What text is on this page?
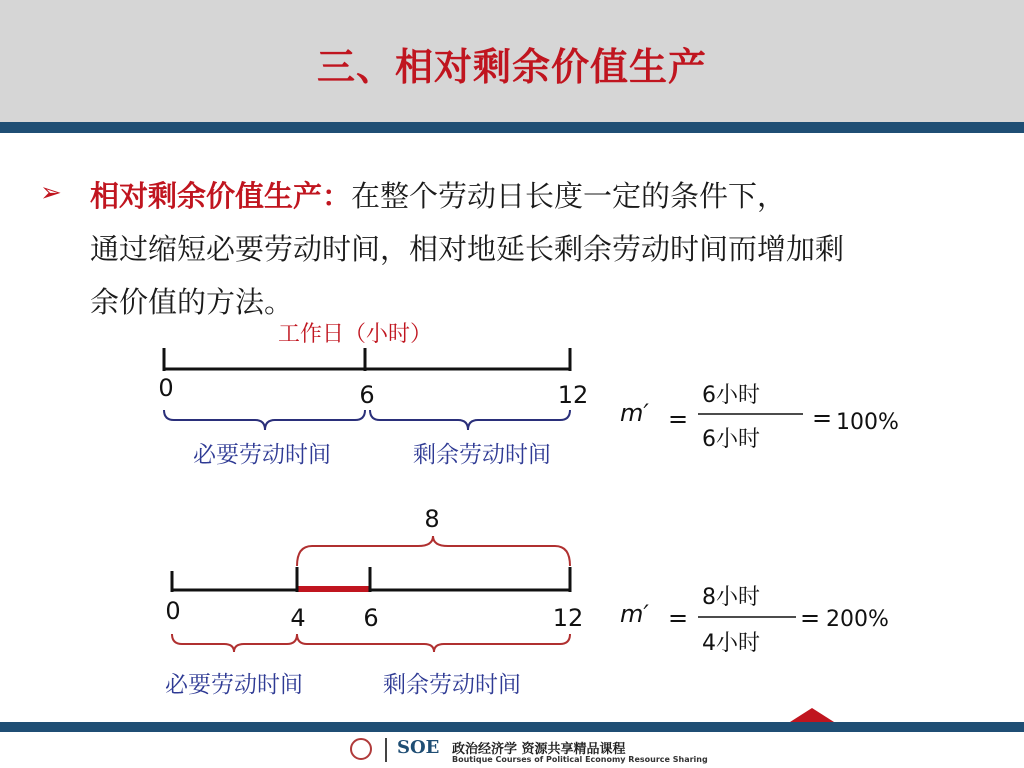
三、相对剩余价值生产
➢ 相对剩余价值生产：在整个劳动日长度一定的条件下，
通过缩短必要劳动时间，相对地延长剩余劳动时间而增加剩
余价值的方法。
工作日（小时）
0	6	12
必要劳动时间	剩余劳动时间
m′ =
6小时
6小时
= 100%
8
0	4 6	12
必要劳动时间	剩余劳动时间
m′ =
8小时
4小时
= 200%
SOE 政治经济学 资源共享精品课程
Boutique Courses of Political Economy Resource Sharing
